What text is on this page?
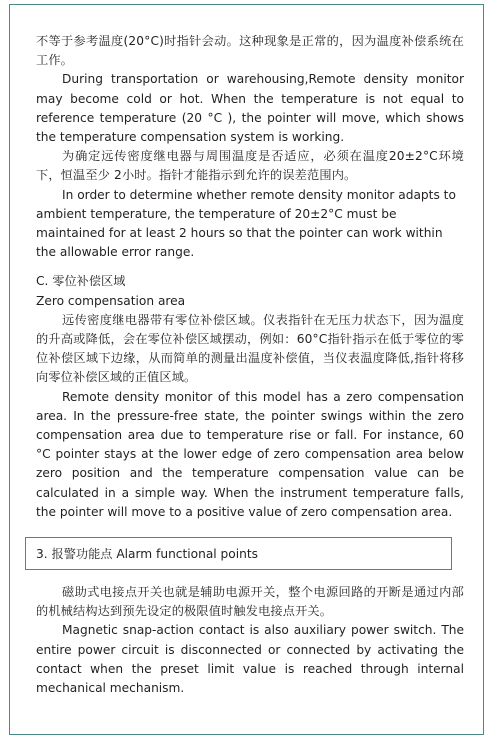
不等于参考温度(20°C)时指针会动。这种现象是正常的，因为温度补偿系统在工作。

During transportation or warehousing,Remote density monitor may become cold or hot. When the temperature is not equal to reference temperature (20 °C ), the pointer will move, which shows the temperature compensation system is working.

为确定远传密度继电器与周围温度是否适应，必须在温度20±2°C环境下，恒温至少 2小时。指针才能指示到允许的误差范围内。

In order to determine whether remote density monitor adapts to ambient temperature, the temperature of 20±2°C must be maintained for at least 2 hours so that the pointer can work within the allowable error range.

C. 零位补偿区域

Zero compensation area

远传密度继电器带有零位补偿区域。仪表指针在无压力状态下，因为温度的升高或降低，会在零位补偿区域摆动，例如：60°C指针指示在低于零位的零位补偿区域下边缘，从而简单的测量出温度补偿值，当仪表温度降低,指针将移向零位补偿区域的正值区域。

Remote density monitor of this model has a zero compensation area. In the pressure-free state, the pointer swings within the zero compensation area due to temperature rise or fall. For instance, 60 °C pointer stays at the lower edge of zero compensation area below zero position and the temperature compensation value can be calculated in a simple way. When the instrument temperature falls, the pointer will move to a positive value of zero compensation area.

3. 报警功能点 Alarm functional points

磁助式电接点开关也就是辅助电源开关，整个电源回路的开断是通过内部的机械结构达到预先设定的极限值时触发电接点开关。

Magnetic snap-action contact is also auxiliary power switch. The entire power circuit is disconnected or connected by activating the contact when the preset limit value is reached through internal mechanical mechanism.
